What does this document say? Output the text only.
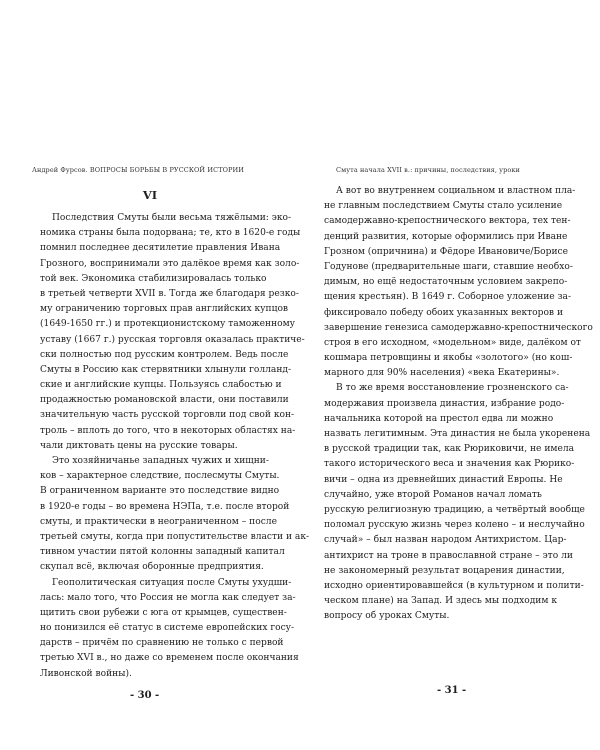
Андрей Фурсов. ВОПРОСЫ БОРЬБЫ В РУССКОЙ ИСТОРИИ
VI
Последствия Смуты были весьма тяжёлыми: эко-
номика страны была подорвана; те, кто в 1620-е годы
помнил последнее десятилетие правления Ивана
Грозного, воспринимали это далёкое время как золо-
той век. Экономика стабилизировалась только
в третьей четверти XVII в. Тогда же благодаря резко-
му ограничению торговых прав английских купцов
(1649-1650 гг.) и протекционистскому таможенному
уставу (1667 г.) русская торговля оказалась практиче-
ски полностью под русским контролем. Ведь после
Смуты в Россию как стервятники хлынули голланд-
ские и английские купцы. Пользуясь слабостью и
продажностью романовской власти, они поставили
значительную часть русской торговли под свой кон-
троль – вплоть до того, что в некоторых областях на-
чали диктовать цены на русские товары.
Это хозяйничанье западных чужих и хищни-
ков – характерное следствие, послесмуты Смуты.
В ограниченном варианте это последствие видно
в 1920-е годы – во времена НЭПа, т.е. после второй
смуты, и практически в неограниченном – после
третьей смуты, когда при попустительстве власти и ак-
тивном участии пятой колонны западный капитал
скупал всё, включая оборонные предприятия.
Геополитическая ситуация после Смуты ухудши-
лась: мало того, что Россия не могла как следует за-
щитить свои рубежи с юга от крымцев, существен-
но понизился её статус в системе европейских госу-
дарств – причём по сравнению не только с первой
третью XVI в., но даже со временем после окончания
Ливонской войны).
- 30 -
Смута начала XVII в.: причины, последствия, уроки
А вот во внутреннем социальном и властном пла-
не главным последствием Смуты стало усиление
самодержавно-крепостнического вектора, тех тен-
денций развития, которые оформились при Иване
Грозном (опричнина) и Фёдоре Ивановиче/Борисе
Годунове (предварительные шаги, ставшие необхо-
димым, но ещё недостаточным условием закрепо-
щения крестьян). В 1649 г. Соборное уложение за-
фиксировало победу обоих указанных векторов и
завершение генезиса самодержавно-крепостнического
строя в его исходном, «модельном» виде, далёком от
кошмара петровщины и якобы «золотого» (но кош-
марного для 90% населения) «века Екатерины».
В то же время восстановление грозненского са-
модержавия произвела династия, избрание родо-
начальника которой на престол едва ли можно
назвать легитимным. Эта династия не была укоренена
в русской традиции так, как Рюриковичи, не имела
такого исторического веса и значения как Рюрико-
вичи – одна из древнейших династий Европы. Не
случайно, уже второй Романов начал ломать
русскую религиозную традицию, а четвёртый вообще
поломал русскую жизнь через колено – и неслучайно
случай» – был назван народом Антихристом. Цар-
антихрист на троне в православной стране – это ли
не закономерный результат воцарения династии,
исходно ориентировавшейся (в культурном и полити-
ческом плане) на Запад. И здесь мы подходим к
вопросу об уроках Смуты.
- 31 -
